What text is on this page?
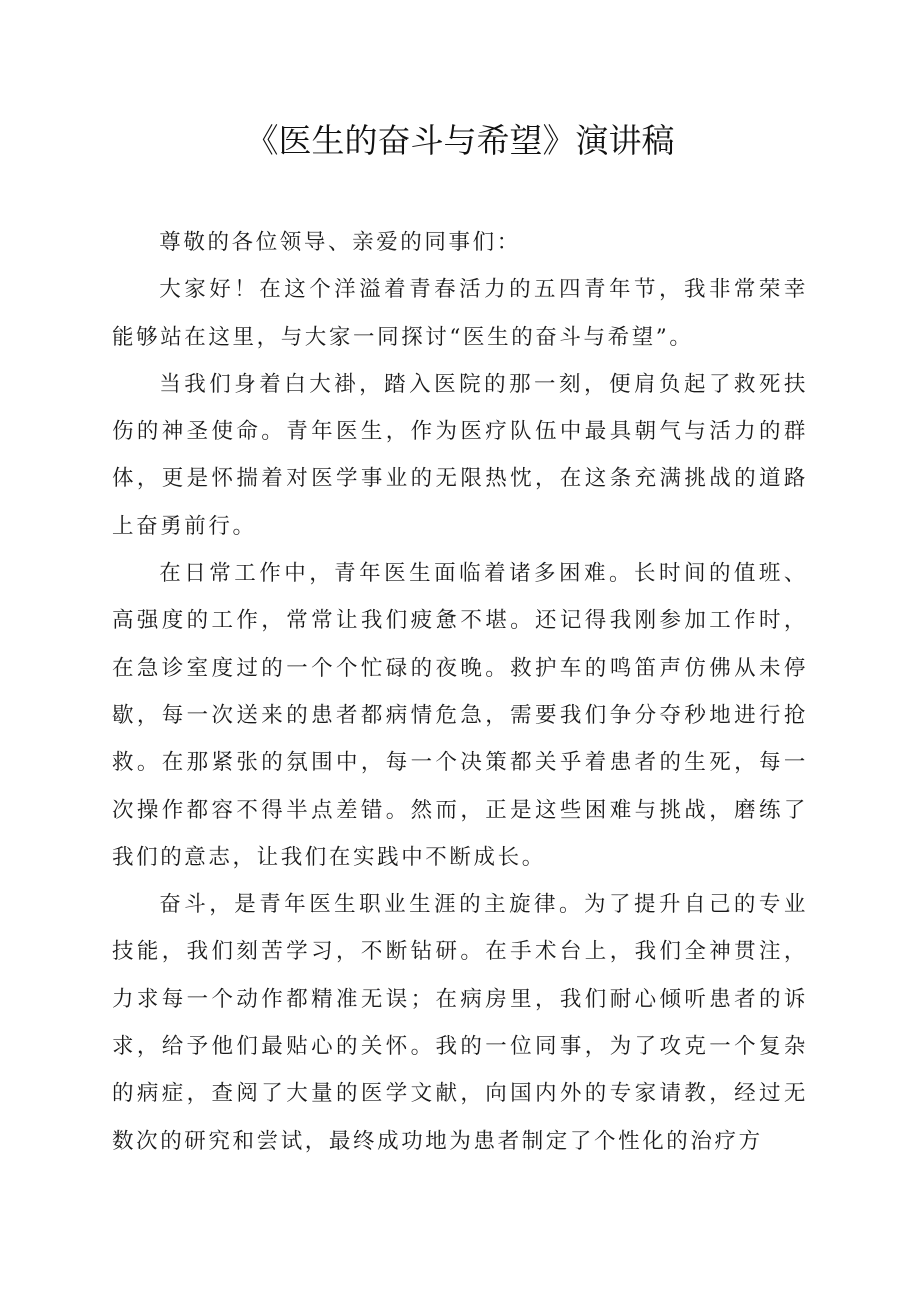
《医生的奋斗与希望》演讲稿

尊敬的各位领导、亲爱的同事们：

大家好！在这个洋溢着青春活力的五四青年节，我非常荣幸能够站在这里，与大家一同探讨“医生的奋斗与希望”。

当我们身着白大褂，踏入医院的那一刻，便肩负起了救死扶伤的神圣使命。青年医生，作为医疗队伍中最具朝气与活力的群体，更是怀揣着对医学事业的无限热忱，在这条充满挑战的道路上奋勇前行。

在日常工作中，青年医生面临着诸多困难。长时间的值班、高强度的工作，常常让我们疲惫不堪。还记得我刚参加工作时，在急诊室度过的一个个忙碌的夜晚。救护车的鸣笛声仿佛从未停歇，每一次送来的患者都病情危急，需要我们争分夺秒地进行抢救。在那紧张的氛围中，每一个决策都关乎着患者的生死，每一次操作都容不得半点差错。然而，正是这些困难与挑战，磨练了我们的意志，让我们在实践中不断成长。

奋斗，是青年医生职业生涯的主旋律。为了提升自己的专业技能，我们刻苦学习，不断钻研。在手术台上，我们全神贯注，力求每一个动作都精准无误；在病房里，我们耐心倾听患者的诉求，给予他们最贴心的关怀。我的一位同事，为了攻克一个复杂的病症，查阅了大量的医学文献，向国内外的专家请教，经过无数次的研究和尝试，最终成功地为患者制定了个性化的治疗方
